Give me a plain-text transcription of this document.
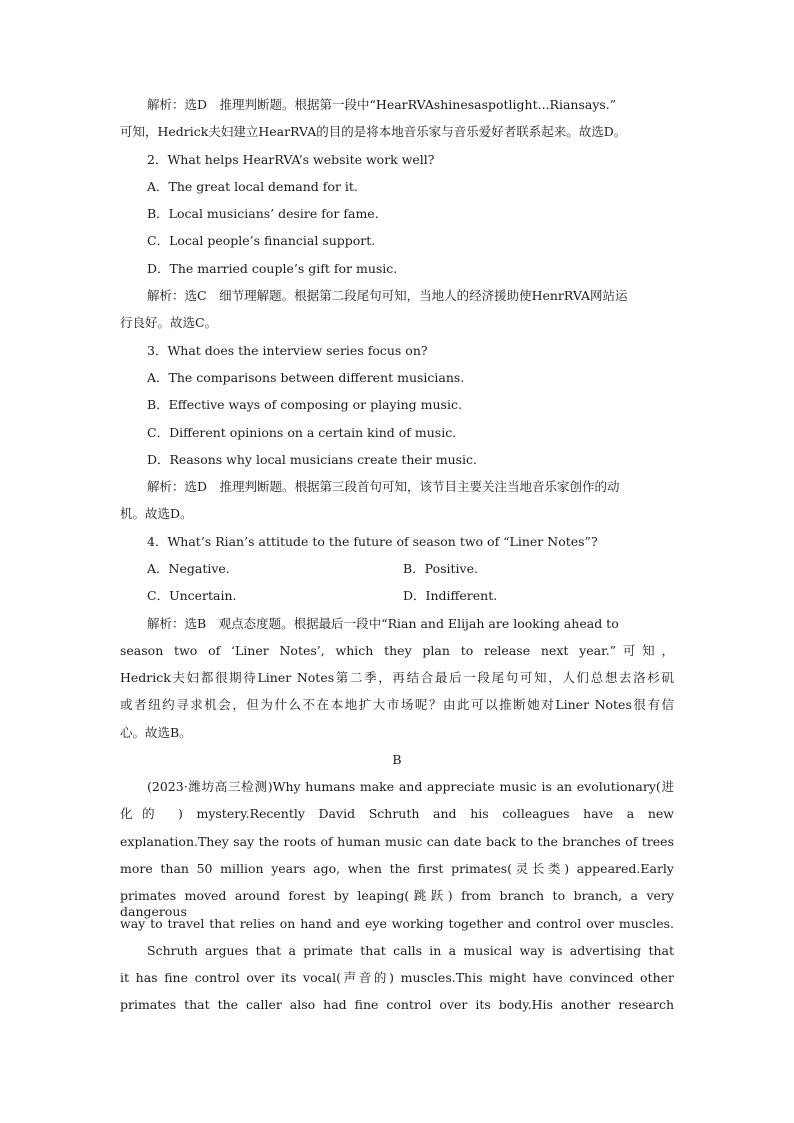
解析：选D　推理判断题。根据第一段中“HearRVAshinesaspotlight...Riansays.”
可知，Hedrick夫妇建立HearRVA的目的是将本地音乐家与音乐爱好者联系起来。故选D。
2．What helps HearRVA’s website work well?
A．The great local demand for it.
B．Local musicians’ desire for fame.
C．Local people’s financial support.
D．The married couple’s gift for music.
解析：选C　细节理解题。根据第二段尾句可知，当地人的经济援助使HenrRVA网站运
行良好。故选C。
3．What does the interview series focus on?
A．The comparisons between different musicians.
B．Effective ways of composing or playing music.
C．Different opinions on a certain kind of music.
D．Reasons why local musicians create their music.
解析：选D　推理判断题。根据第三段首句可知，该节目主要关注当地音乐家创作的动
机。故选D。
4．What’s Rian’s attitude to the future of season two of “Liner Notes”?
A．Negative.	B．Positive.
C．Uncertain.	D．Indifferent.
解析：选B　观点态度题。根据最后一段中“Rian and Elijah are looking ahead to
season two of ‘Liner Notes’, which they plan to release next year.”可知，
Hedrick夫妇都很期待Liner Notes第二季，再结合最后一段尾句可知，人们总想去洛杉矶
或者纽约寻求机会，但为什么不在本地扩大市场呢？由此可以推断她对Liner Notes很有信
心。故选B。
B
(2023·潍坊高三检测)Why humans make and appreciate music is an evolutionary(进
化的 ) mystery.Recently David Schruth and his colleagues have a new
explanation.They say the roots of human music can date back to the branches of trees
more than 50 million years ago, when the first primates(灵长类) appeared.Early
primates moved around forest by leaping(跳跃) from branch to branch, a very dangerous
way to travel that relies on hand and eye working together and control over muscles.
Schruth argues that a primate that calls in a musical way is advertising that
it has fine control over its vocal(声音的) muscles.This might have convinced other
primates that the caller also had fine control over its body.His another research
